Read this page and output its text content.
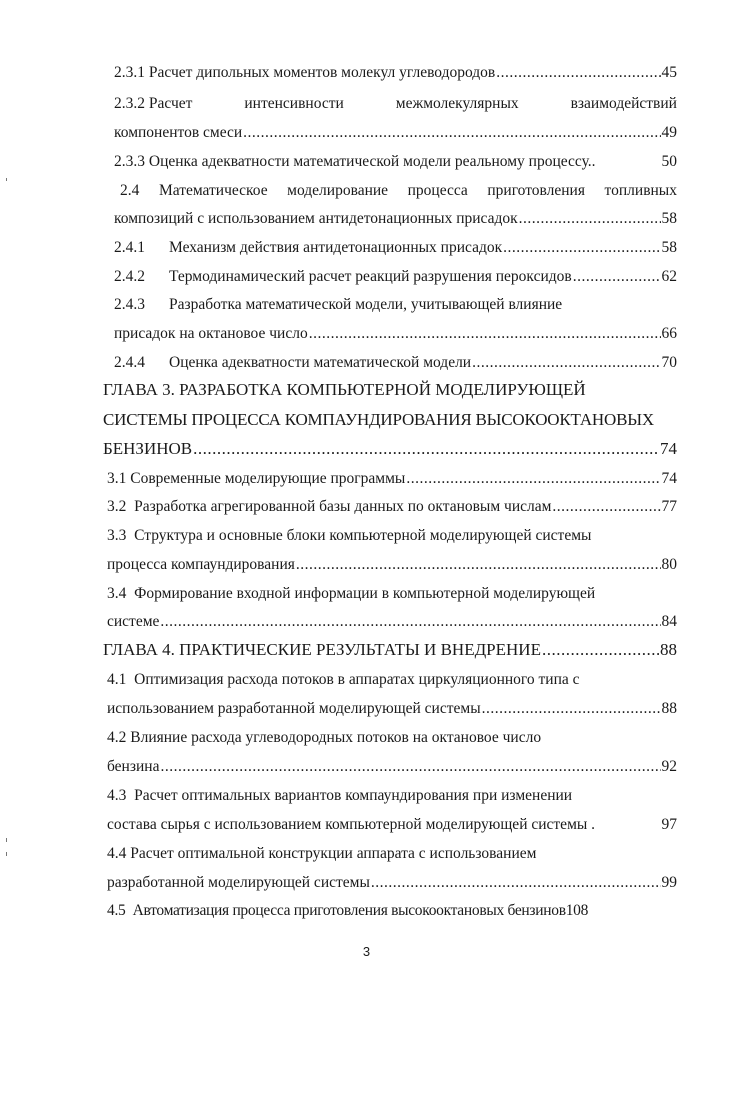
2.3.1 Расчет дипольных моментов молекул углеводородов .....	45
2.3.2 Расчет	интенсивности	межмолекулярных	взаимодействий
компонентов смеси .....	49
2.3.3 Оценка адекватности математической модели реальному процессу..	50
2.4 Математическое моделирование процесса приготовления топливных
композиций с использованием антидетонационных присадок .....	58
2.4.1 Механизм действия антидетонационных присадок .....	58
2.4.2 Термодинамический расчет реакций разрушения пероксидов .....	62
2.4.3 Разработка математической модели, учитывающей влияние
присадок на октановое число .....	66
2.4.4 Оценка адекватности математической модели .....	70
ГЛАВА 3. РАЗРАБОТКА КОМПЬЮТЕРНОЙ МОДЕЛИРУЮЩЕЙ
СИСТЕМЫ ПРОЦЕССА КОМПАУНДИРОВАНИЯ ВЫСОКООКТАНОВЫХ
БЕНЗИНОВ .....	74
3.1 Современные моделирующие программы .....	74
3.2 Разработка агрегированной базы данных по октановым числам .....	77
3.3 Структура и основные блоки компьютерной моделирующей системы
процесса компаундирования .....	80
3.4 Формирование входной информации в компьютерной моделирующей
системе .....	84
ГЛАВА 4. ПРАКТИЧЕСКИЕ РЕЗУЛЬТАТЫ И ВНЕДРЕНИЕ .....	88
4.1 Оптимизация расхода потоков в аппаратах циркуляционного типа с
использованием разработанной моделирующей системы .....	88
4.2 Влияние расхода углеводородных потоков на октановое число
бензина .....	92
4.3 Расчет оптимальных вариантов компаундирования при изменении
состава сырья с использованием компьютерной моделирующей системы .	97
4.4 Расчет оптимальной конструкции аппарата с использованием
разработанной моделирующей системы .....	99
4.5 Автоматизация процесса приготовления высокооктановых бензинов108
3
